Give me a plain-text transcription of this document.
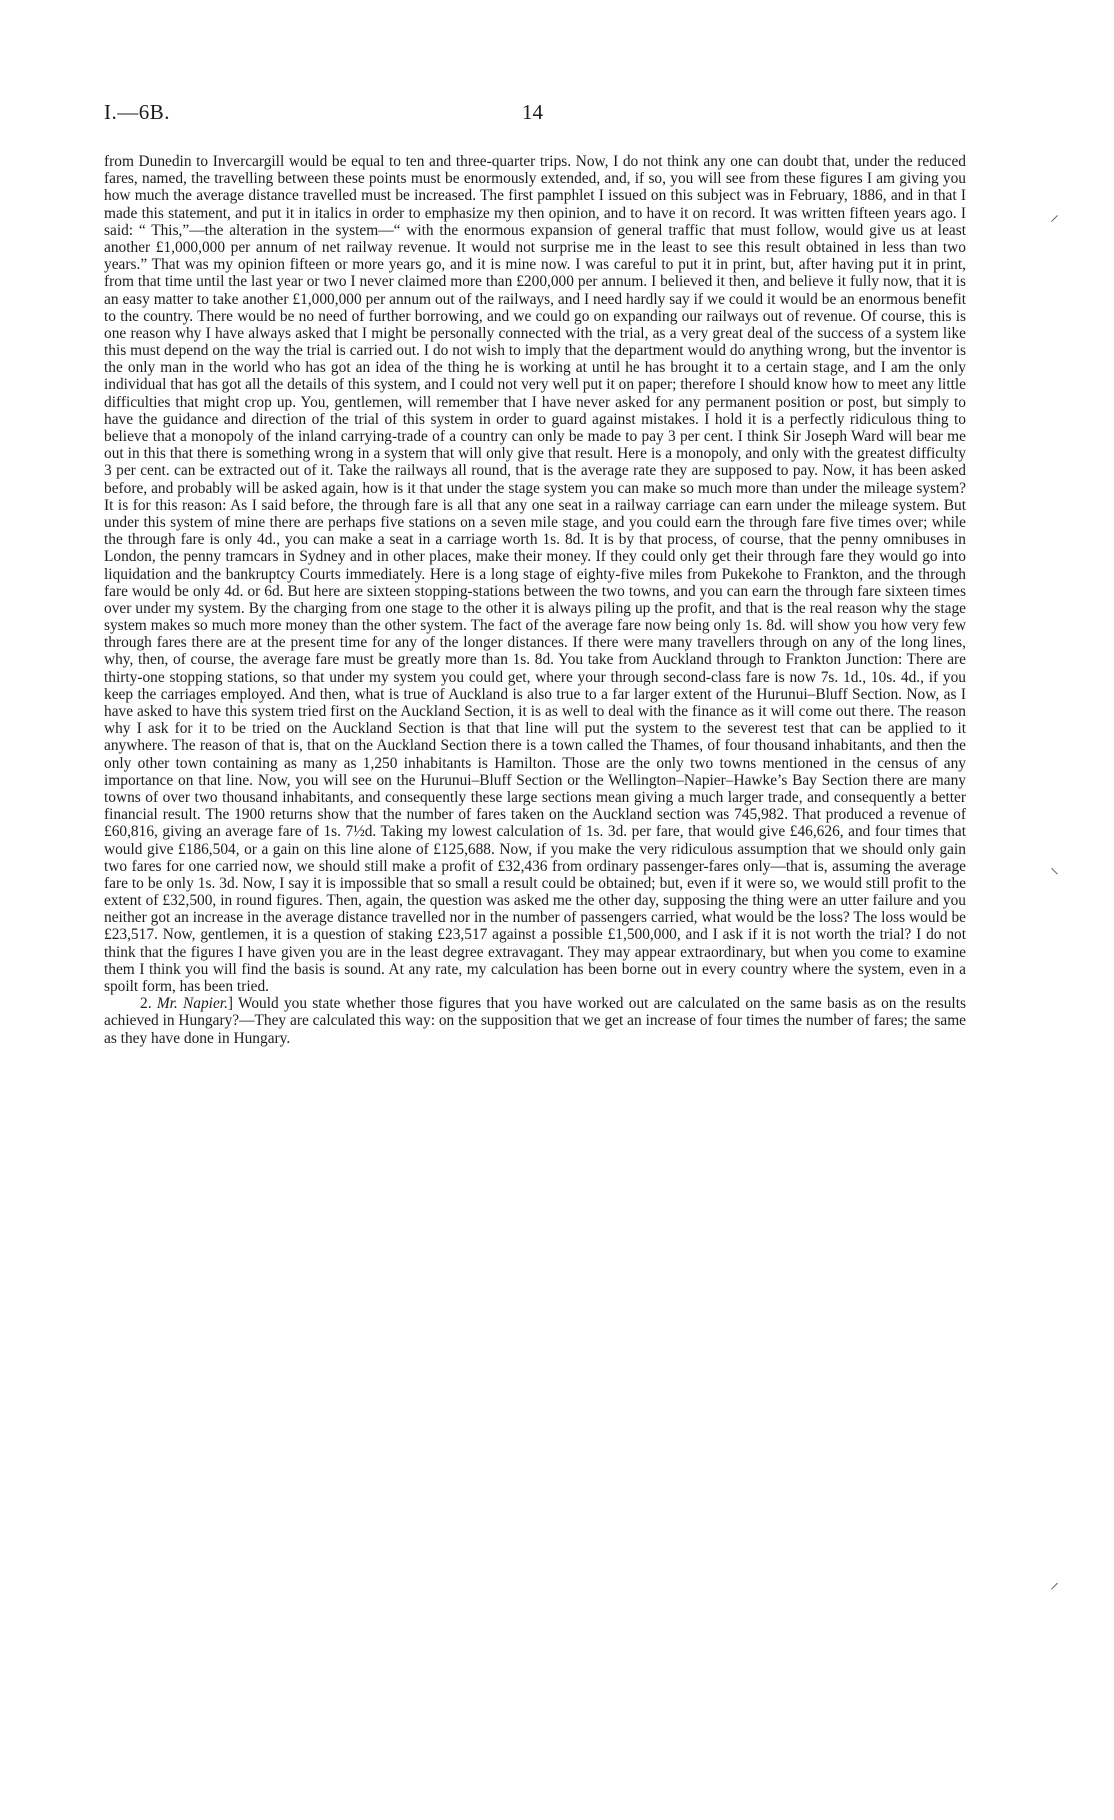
I.—6B.	14

from Dunedin to Invercargill would be equal to ten and three-quarter trips. Now, I do not think any one can doubt that, under the reduced fares, named, the travelling between these points must be enormously extended, and, if so, you will see from these figures I am giving you how much the average distance travelled must be increased. The first pamphlet I issued on this subject was in February, 1886, and in that I made this statement, and put it in italics in order to emphasize my then opinion, and to have it on record. It was written fifteen years ago. I said: “ This,”—the alteration in the system—“ with the enormous expansion of general traffic that must follow, would give us at least another £1,000,000 per annum of net railway revenue. It would not surprise me in the least to see this result obtained in less than two years.” That was my opinion fifteen or more years go, and it is mine now. I was careful to put it in print, but, after having put it in print, from that time until the last year or two I never claimed more than £200,000 per annum. I believed it then, and believe it fully now, that it is an easy matter to take another £1,000,000 per annum out of the railways, and I need hardly say if we could it would be an enormous benefit to the country. There would be no need of further borrowing, and we could go on expanding our railways out of revenue. Of course, this is one reason why I have always asked that I might be personally connected with the trial, as a very great deal of the success of a system like this must depend on the way the trial is carried out. I do not wish to imply that the department would do anything wrong, but the inventor is the only man in the world who has got an idea of the thing he is working at until he has brought it to a certain stage, and I am the only individual that has got all the details of this system, and I could not very well put it on paper; therefore I should know how to meet any little difficulties that might crop up. You, gentlemen, will remember that I have never asked for any permanent position or post, but simply to have the guidance and direction of the trial of this system in order to guard against mistakes. I hold it is a perfectly ridiculous thing to believe that a monopoly of the inland carrying-trade of a country can only be made to pay 3 per cent. I think Sir Joseph Ward will bear me out in this that there is something wrong in a system that will only give that result. Here is a monopoly, and only with the greatest difficulty 3 per cent. can be extracted out of it. Take the railways all round, that is the average rate they are supposed to pay. Now, it has been asked before, and probably will be asked again, how is it that under the stage system you can make so much more than under the mileage system? It is for this reason: As I said before, the through fare is all that any one seat in a railway carriage can earn under the mileage system. But under this system of mine there are perhaps five stations on a seven mile stage, and you could earn the through fare five times over; while the through fare is only 4d., you can make a seat in a carriage worth 1s. 8d. It is by that process, of course, that the penny omnibuses in London, the penny tramcars in Sydney and in other places, make their money. If they could only get their through fare they would go into liquidation and the bankruptcy Courts immediately. Here is a long stage of eighty-five miles from Pukekohe to Frankton, and the through fare would be only 4d. or 6d. But here are sixteen stopping-stations between the two towns, and you can earn the through fare sixteen times over under my system. By the charging from one stage to the other it is always piling up the profit, and that is the real reason why the stage system makes so much more money than the other system. The fact of the average fare now being only 1s. 8d. will show you how very few through fares there are at the present time for any of the longer distances. If there were many travellers through on any of the long lines, why, then, of course, the average fare must be greatly more than 1s. 8d. You take from Auckland through to Frankton Junction: There are thirty-one stopping stations, so that under my system you could get, where your through second-class fare is now 7s. 1d., 10s. 4d., if you keep the carriages employed. And then, what is true of Auckland is also true to a far larger extent of the Hurunui–Bluff Section. Now, as I have asked to have this system tried first on the Auckland Section, it is as well to deal with the finance as it will come out there. The reason why I ask for it to be tried on the Auckland Section is that that line will put the system to the severest test that can be applied to it anywhere. The reason of that is, that on the Auckland Section there is a town called the Thames, of four thousand inhabitants, and then the only other town containing as many as 1,250 inhabitants is Hamilton. Those are the only two towns mentioned in the census of any importance on that line. Now, you will see on the Hurunui–Bluff Section or the Wellington–Napier–Hawke’s Bay Section there are many towns of over two thousand inhabitants, and consequently these large sections mean giving a much larger trade, and consequently a better financial result. The 1900 returns show that the number of fares taken on the Auckland section was 745,982. That produced a revenue of £60,816, giving an average fare of 1s. 7½d. Taking my lowest calculation of 1s. 3d. per fare, that would give £46,626, and four times that would give £186,504, or a gain on this line alone of £125,688. Now, if you make the very ridiculous assumption that we should only gain two fares for one carried now, we should still make a profit of £32,436 from ordinary passenger-fares only—that is, assuming the average fare to be only 1s. 3d. Now, I say it is impossible that so small a result could be obtained; but, even if it were so, we would still profit to the extent of £32,500, in round figures. Then, again, the question was asked me the other day, supposing the thing were an utter failure and you neither got an increase in the average distance travelled nor in the number of passengers carried, what would be the loss? The loss would be £23,517. Now, gentlemen, it is a question of staking £23,517 against a possible £1,500,000, and I ask if it is not worth the trial? I do not think that the figures I have given you are in the least degree extravagant. They may appear extraordinary, but when you come to examine them I think you will find the basis is sound. At any rate, my calculation has been borne out in every country where the system, even in a spoilt form, has been tried.

2. Mr. Napier.] Would you state whether those figures that you have worked out are calculated on the same basis as on the results achieved in Hungary?—They are calculated this way: on the supposition that we get an increase of four times the number of fares; the same as they have done in Hungary.

⸍
⸜
⸝
